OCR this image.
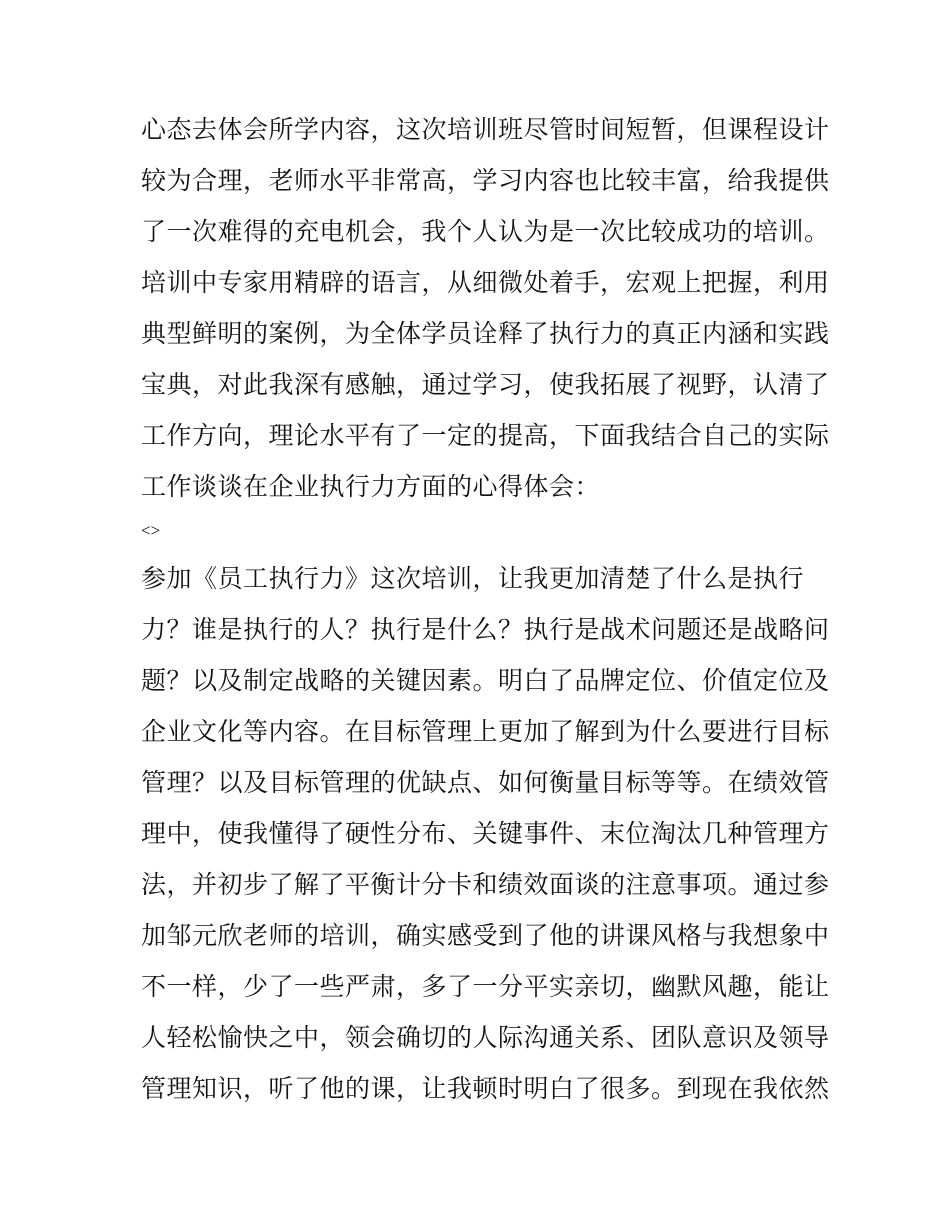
心态去体会所学内容，这次培训班尽管时间短暂，但课程设计
较为合理，老师水平非常高，学习内容也比较丰富，给我提供
了一次难得的充电机会，我个人认为是一次比较成功的培训。
培训中专家用精辟的语言，从细微处着手，宏观上把握，利用
典型鲜明的案例，为全体学员诠释了执行力的真正内涵和实践
宝典，对此我深有感触，通过学习，使我拓展了视野，认清了
工作方向，理论水平有了一定的提高，下面我结合自己的实际
工作谈谈在企业执行力方面的心得体会：
<>
参加《员工执行力》这次培训，让我更加清楚了什么是执行
力？谁是执行的人？执行是什么？执行是战术问题还是战略问
题？以及制定战略的关键因素。明白了品牌定位、价值定位及
企业文化等内容。在目标管理上更加了解到为什么要进行目标
管理？以及目标管理的优缺点、如何衡量目标等等。在绩效管
理中，使我懂得了硬性分布、关键事件、末位淘汰几种管理方
法，并初步了解了平衡计分卡和绩效面谈的注意事项。通过参
加邹元欣老师的培训，确实感受到了他的讲课风格与我想象中
不一样，少了一些严肃，多了一分平实亲切，幽默风趣，能让
人轻松愉快之中，领会确切的人际沟通关系、团队意识及领导
管理知识，听了他的课，让我顿时明白了很多。到现在我依然
